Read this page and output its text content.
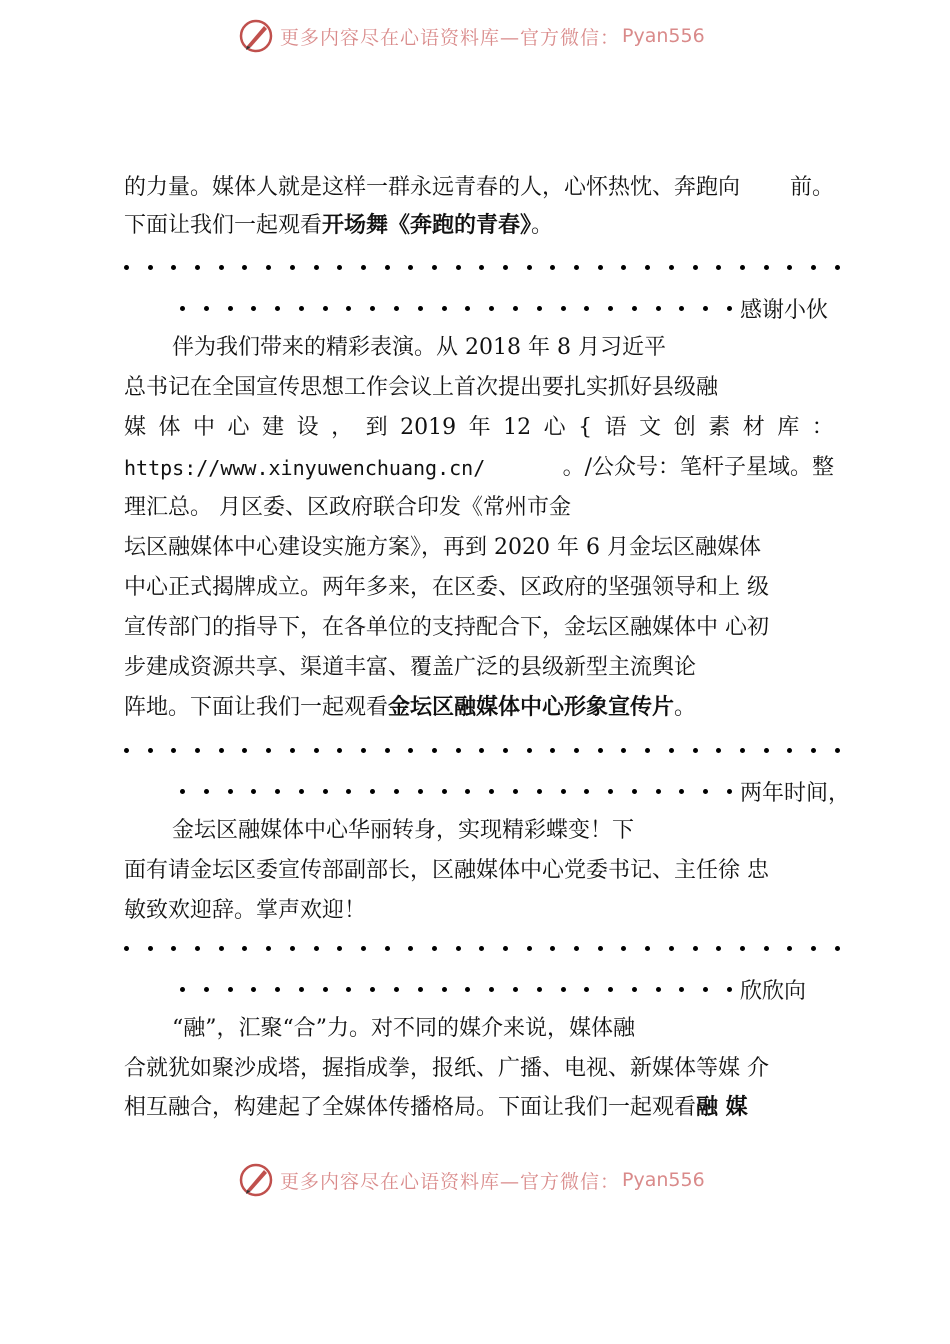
更多内容尽在心语资料库—官方微信： Pyan556
的力量。媒体人就是这样一群永远青春的人，心怀热忱、奔跑向 前。
下面让我们一起观看开场舞《奔跑的青春》。
感谢小伙
伴为我们带来的精彩表演。从 2018 年 8 月习近平
总书记在全国宣传思想工作会议上首次提出要扎实抓好县级融
媒 体 中 心 建 设 ， 到 2019 年 12 心 { 语 文 创 素 材 库 ：
https://www.xinyuwenchuang.cn/	。/公众号：笔杆子星域。整
理汇总。 月区委、区政府联合印发《常州市金
坛区融媒体中心建设实施方案》，再到 2020 年 6 月金坛区融媒体
中心正式揭牌成立。两年多来，在区委、区政府的坚强领导和上 级
宣传部门的指导下，在各单位的支持配合下，金坛区融媒体中 心初
步建成资源共享、渠道丰富、覆盖广泛的县级新型主流舆论
阵地。下面让我们一起观看金坛区融媒体中心形象宣传片。
两年时间，
金坛区融媒体中心华丽转身，实现精彩蝶变！下
面有请金坛区委宣传部副部长，区融媒体中心党委书记、主任徐 忠
敏致欢迎辞。掌声欢迎！
欣欣向
“融”，汇聚“合”力。对不同的媒介来说，媒体融
合就犹如聚沙成塔，握指成拳，报纸、广播、电视、新媒体等媒 介
相互融合，构建起了全媒体传播格局。下面让我们一起观看融 媒
更多内容尽在心语资料库—官方微信： Pyan556
